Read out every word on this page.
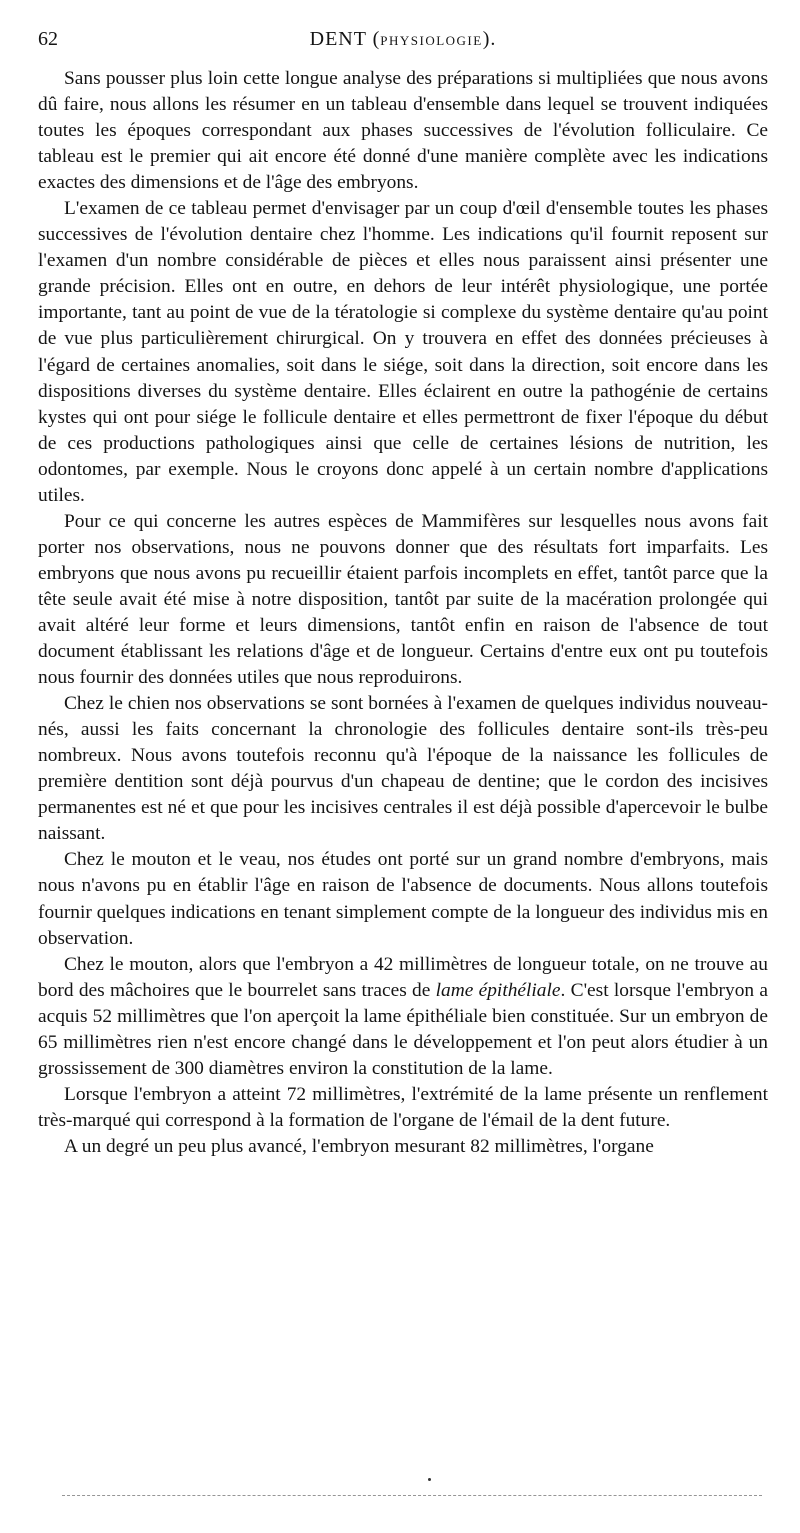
62	DENT (PHYSIOLOGIE).

Sans pousser plus loin cette longue analyse des préparations si multipliées que nous avons dû faire, nous allons les résumer en un tableau d'ensemble dans lequel se trouvent indiquées toutes les époques correspondant aux phases successives de l'évolution folliculaire. Ce tableau est le premier qui ait encore été donné d'une manière complète avec les indications exactes des dimensions et de l'âge des embryons.

L'examen de ce tableau permet d'envisager par un coup d'œil d'ensemble toutes les phases successives de l'évolution dentaire chez l'homme. Les indications qu'il fournit reposent sur l'examen d'un nombre considérable de pièces et elles nous paraissent ainsi présenter une grande précision. Elles ont en outre, en dehors de leur intérêt physiologique, une portée importante, tant au point de vue de la tératologie si complexe du système dentaire qu'au point de vue plus particulièrement chirurgical. On y trouvera en effet des données précieuses à l'égard de certaines anomalies, soit dans le siége, soit dans la direction, soit encore dans les dispositions diverses du système dentaire. Elles éclairent en outre la pathogénie de certains kystes qui ont pour siége le follicule dentaire et elles permettront de fixer l'époque du début de ces productions pathologiques ainsi que celle de certaines lésions de nutrition, les odontomes, par exemple. Nous le croyons donc appelé à un certain nombre d'applications utiles.

Pour ce qui concerne les autres espèces de Mammifères sur lesquelles nous avons fait porter nos observations, nous ne pouvons donner que des résultats fort imparfaits. Les embryons que nous avons pu recueillir étaient parfois incomplets en effet, tantôt parce que la tête seule avait été mise à notre disposition, tantôt par suite de la macération prolongée qui avait altéré leur forme et leurs dimensions, tantôt enfin en raison de l'absence de tout document établissant les relations d'âge et de longueur. Certains d'entre eux ont pu toutefois nous fournir des données utiles que nous reproduirons.

Chez le chien nos observations se sont bornées à l'examen de quelques individus nouveau-nés, aussi les faits concernant la chronologie des follicules dentaire sont-ils très-peu nombreux. Nous avons toutefois reconnu qu'à l'époque de la naissance les follicules de première dentition sont déjà pourvus d'un chapeau de dentine; que le cordon des incisives permanentes est né et que pour les incisives centrales il est déjà possible d'apercevoir le bulbe naissant.

Chez le mouton et le veau, nos études ont porté sur un grand nombre d'embryons, mais nous n'avons pu en établir l'âge en raison de l'absence de documents. Nous allons toutefois fournir quelques indications en tenant simplement compte de la longueur des individus mis en observation.

Chez le mouton, alors que l'embryon a 42 millimètres de longueur totale, on ne trouve au bord des mâchoires que le bourrelet sans traces de lame épithéliale. C'est lorsque l'embryon a acquis 52 millimètres que l'on aperçoit la lame épithéliale bien constituée. Sur un embryon de 65 millimètres rien n'est encore changé dans le développement et l'on peut alors étudier à un grossissement de 300 diamètres environ la constitution de la lame.

Lorsque l'embryon a atteint 72 millimètres, l'extrémité de la lame présente un renflement très-marqué qui correspond à la formation de l'organe de l'émail de la dent future.

A un degré un peu plus avancé, l'embryon mesurant 82 millimètres, l'organe
